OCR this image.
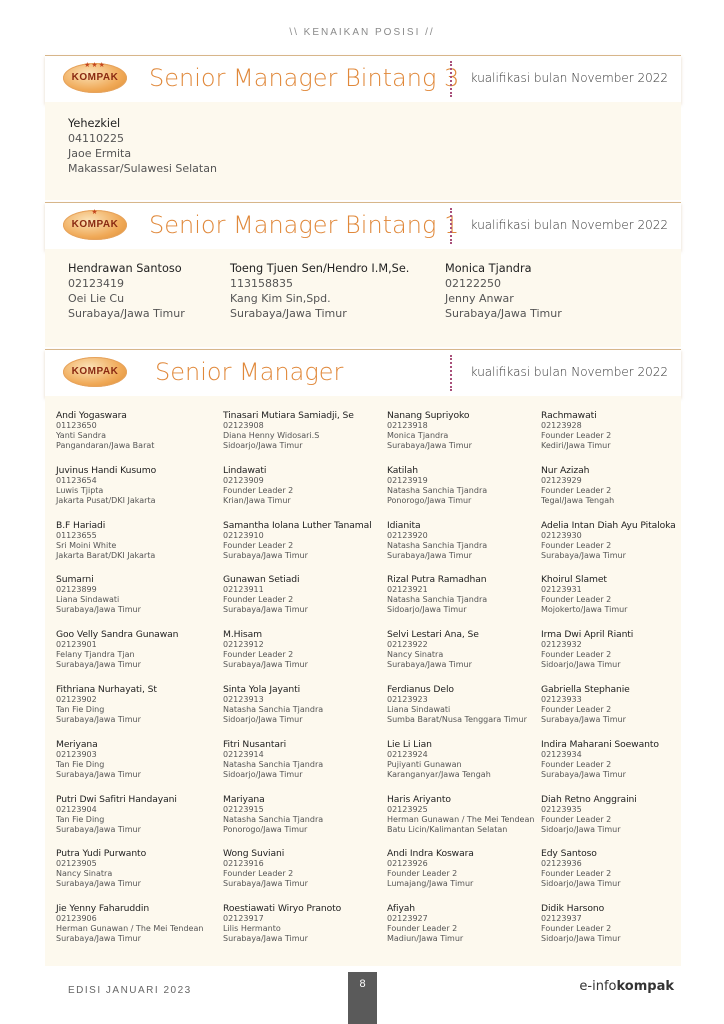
\\ KENAIKAN POSISI //
★★★
KOMPAK	Senior Manager Bintang 3 kualifikasi bulan November 2022
Yehezkiel
04110225
Jaoe Ermita
Makassar/Sulawesi Selatan
★
KOMPAK	Senior Manager Bintang 1 kualifikasi bulan November 2022
Hendrawan Santoso
02123419
Oei Lie Cu
Surabaya/Jawa Timur
Toeng Tjuen Sen/Hendro I.M,Se.
113158835
Kang Kim Sin,Spd.
Surabaya/Jawa Timur
Monica Tjandra
02122250
Jenny Anwar
Surabaya/Jawa Timur
KOMPAK	Senior Manager	kualifikasi bulan November 2022
Andi Yogaswara
01123650
Yanti Sandra
Pangandaran/Jawa Barat
Juvinus Handi Kusumo
01123654
Luwis Tjipta
Jakarta Pusat/DKI Jakarta
B.F Hariadi
01123655
Sri Moini White
Jakarta Barat/DKI Jakarta
Sumarni
02123899
Liana Sindawati
Surabaya/Jawa Timur
Goo Velly Sandra Gunawan
02123901
Felany Tjandra Tjan
Surabaya/Jawa Timur
Fithriana Nurhayati, St
02123902
Tan Fie Ding
Surabaya/Jawa Timur
Meriyana
02123903
Tan Fie Ding
Surabaya/Jawa Timur
Putri Dwi Safitri Handayani
02123904
Tan Fie Ding
Surabaya/Jawa Timur
Putra Yudi Purwanto
02123905
Nancy Sinatra
Surabaya/Jawa Timur
Jie Yenny Faharuddin
02123906
Herman Gunawan / The Mei Tendean
Surabaya/Jawa Timur
Tinasari Mutiara Samiadji, Se
02123908
Diana Henny Widosari.S
Sidoarjo/Jawa Timur
Lindawati
02123909
Founder Leader 2
Krian/Jawa Timur
Samantha Iolana Luther Tanamal
02123910
Founder Leader 2
Surabaya/Jawa Timur
Gunawan Setiadi
02123911
Founder Leader 2
Surabaya/Jawa Timur
M.Hisam
02123912
Founder Leader 2
Surabaya/Jawa Timur
Sinta Yola Jayanti
02123913
Natasha Sanchia Tjandra
Sidoarjo/Jawa Timur
Fitri Nusantari
02123914
Natasha Sanchia Tjandra
Sidoarjo/Jawa Timur
Mariyana
02123915
Natasha Sanchia Tjandra
Ponorogo/Jawa Timur
Wong Suviani
02123916
Founder Leader 2
Surabaya/Jawa Timur
Roestiawati Wiryo Pranoto
02123917
Lilis Hermanto
Surabaya/Jawa Timur
Nanang Supriyoko
02123918
Monica Tjandra
Surabaya/Jawa Timur
Katilah
02123919
Natasha Sanchia Tjandra
Ponorogo/Jawa Timur
Idianita
02123920
Natasha Sanchia Tjandra
Surabaya/Jawa Timur
Rizal Putra Ramadhan
02123921
Natasha Sanchia Tjandra
Sidoarjo/Jawa Timur
Selvi Lestari Ana, Se
02123922
Nancy Sinatra
Surabaya/Jawa Timur
Ferdianus Delo
02123923
Liana Sindawati
Sumba Barat/Nusa Tenggara Timur
Lie Li Lian
02123924
Pujiyanti Gunawan
Karanganyar/Jawa Tengah
Haris Ariyanto
02123925
Herman Gunawan / The Mei Tendean
Batu Licin/Kalimantan Selatan
Andi Indra Koswara
02123926
Founder Leader 2
Lumajang/Jawa Timur
Afiyah
02123927
Founder Leader 2
Madiun/Jawa Timur
Rachmawati
02123928
Founder Leader 2
Kediri/Jawa Timur
Nur Azizah
02123929
Founder Leader 2
Tegal/Jawa Tengah
Adelia Intan Diah Ayu Pitaloka
02123930
Founder Leader 2
Surabaya/Jawa Timur
Khoirul Slamet
02123931
Founder Leader 2
Mojokerto/Jawa Timur
Irma Dwi April Rianti
02123932
Founder Leader 2
Sidoarjo/Jawa Timur
Gabriella Stephanie
02123933
Founder Leader 2
Surabaya/Jawa Timur
Indira Maharani Soewanto
02123934
Founder Leader 2
Surabaya/Jawa Timur
Diah Retno Anggraini
02123935
Founder Leader 2
Sidoarjo/Jawa Timur
Edy Santoso
02123936
Founder Leader 2
Sidoarjo/Jawa Timur
Didik Harsono
02123937
Founder Leader 2
Sidoarjo/Jawa Timur
EDISI JANUARI 2023
8	e-infokompak
